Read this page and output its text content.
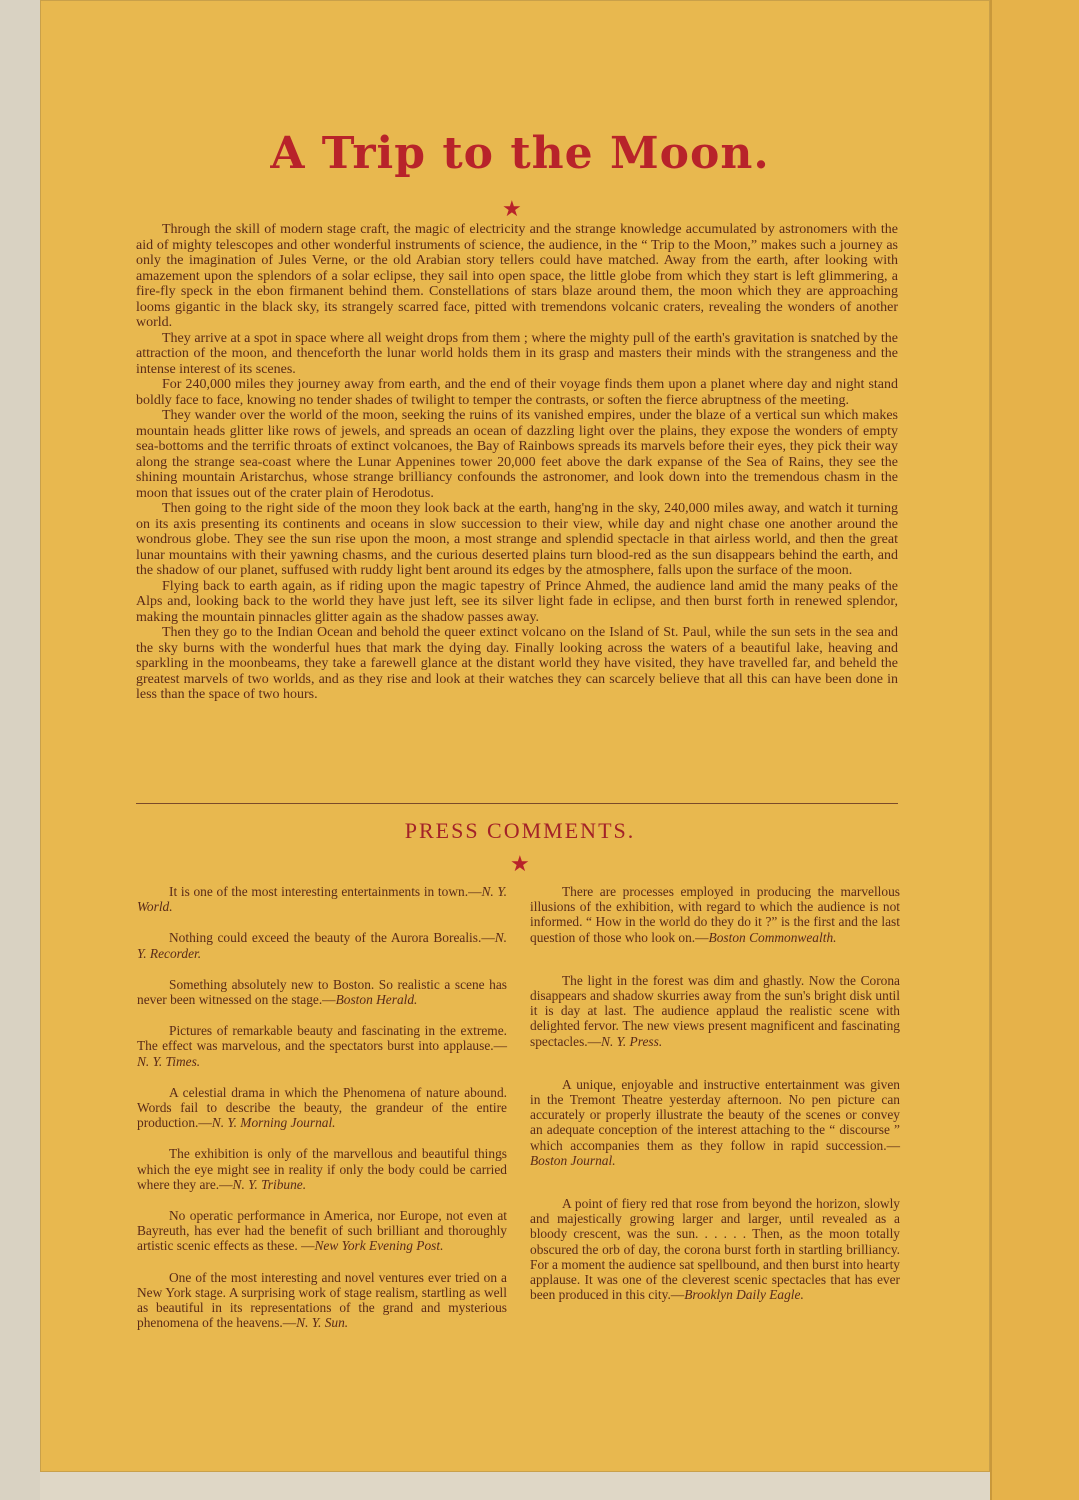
A Trip to the Moon.
★

Through the skill of modern stage craft, the magic of electricity and the strange knowledge accumulated by astronomers with the aid of mighty telescopes and other wonderful instruments of science, the audience, in the “ Trip to the Moon,” makes such a journey as only the imagination of Jules Verne, or the old Arabian story tellers could have matched. Away from the earth, after looking with amazement upon the splendors of a solar eclipse, they sail into open space, the little globe from which they start is left glimmering, a fire-fly speck in the ebon firmanent behind them. Constellations of stars blaze around them, the moon which they are approaching looms gigantic in the black sky, its strangely scarred face, pitted with tremendons volcanic craters, revealing the wonders of another world.

They arrive at a spot in space where all weight drops from them ; where the mighty pull of the earth's gravitation is snatched by the attraction of the moon, and thenceforth the lunar world holds them in its grasp and masters their minds with the strangeness and the intense interest of its scenes.

For 240,000 miles they journey away from earth, and the end of their voyage finds them upon a planet where day and night stand boldly face to face, knowing no tender shades of twilight to temper the contrasts, or soften the fierce abruptness of the meeting.

They wander over the world of the moon, seeking the ruins of its vanished empires, under the blaze of a vertical sun which makes mountain heads glitter like rows of jewels, and spreads an ocean of dazzling light over the plains, they expose the wonders of empty sea-bottoms and the terrific throats of extinct volcanoes, the Bay of Rainbows spreads its marvels before their eyes, they pick their way along the strange sea-coast where the Lunar Appenines tower 20,000 feet above the dark expanse of the Sea of Rains, they see the shining mountain Aristarchus, whose strange brilliancy confounds the astronomer, and look down into the tremendous chasm in the moon that issues out of the crater plain of Herodotus.

Then going to the right side of the moon they look back at the earth, hang'ng in the sky, 240,000 miles away, and watch it turning on its axis presenting its continents and oceans in slow succession to their view, while day and night chase one another around the wondrous globe. They see the sun rise upon the moon, a most strange and splendid spectacle in that airless world, and then the great lunar mountains with their yawning chasms, and the curious deserted plains turn blood-red as the sun disappears behind the earth, and the shadow of our planet, suffused with ruddy light bent around its edges by the atmosphere, falls upon the surface of the moon.

Flying back to earth again, as if riding upon the magic tapestry of Prince Ahmed, the audience land amid the many peaks of the Alps and, looking back to the world they have just left, see its silver light fade in eclipse, and then burst forth in renewed splendor, making the mountain pinnacles glitter again as the shadow passes away.

Then they go to the Indian Ocean and behold the queer extinct volcano on the Island of St. Paul, while the sun sets in the sea and the sky burns with the wonderful hues that mark the dying day. Finally looking across the waters of a beautiful lake, heaving and sparkling in the moonbeams, they take a farewell glance at the distant world they have visited, they have travelled far, and beheld the greatest marvels of two worlds, and as they rise and look at their watches they can scarcely believe that all this can have been done in less than the space of two hours.

PRESS COMMENTS.
★

It is one of the most interesting entertainments in town.—N. Y. World.

Nothing could exceed the beauty of the Aurora Borealis.—N. Y. Recorder.

Something absolutely new to Boston. So realistic a scene has never been witnessed on the stage.—Boston Herald.

Pictures of remarkable beauty and fascinating in the extreme. The effect was marvelous, and the spectators burst into applause.—N. Y. Times.

A celestial drama in which the Phenomena of nature abound. Words fail to describe the beauty, the grandeur of the entire production.—N. Y. Morning Journal.

The exhibition is only of the marvellous and beautiful things which the eye might see in reality if only the body could be carried where they are.—N. Y. Tribune.

No operatic performance in America, nor Europe, not even at Bayreuth, has ever had the benefit of such brilliant and thoroughly artistic scenic effects as these. —New York Evening Post.

One of the most interesting and novel ventures ever tried on a New York stage. A surprising work of stage realism, startling as well as beautiful in its representations of the grand and mysterious phenomena of the heavens.—N. Y. Sun.

There are processes employed in producing the marvellous illusions of the exhibition, with regard to which the audience is not informed. “ How in the world do they do it ?” is the first and the last question of those who look on.—Boston Commonwealth.

The light in the forest was dim and ghastly. Now the Corona disappears and shadow skurries away from the sun's bright disk until it is day at last. The audience applaud the realistic scene with delighted fervor. The new views present magnificent and fascinating spectacles.—N. Y. Press.

A unique, enjoyable and instructive entertainment was given in the Tremont Theatre yesterday afternoon. No pen picture can accurately or properly illustrate the beauty of the scenes or convey an adequate conception of the interest attaching to the “ discourse ” which accompanies them as they follow in rapid succession.—Boston Journal.

A point of fiery red that rose from beyond the horizon, slowly and majestically growing larger and larger, until revealed as a bloody crescent, was the sun. . . . . . Then, as the moon totally obscured the orb of day, the corona burst forth in startling brilliancy. For a moment the audience sat spellbound, and then burst into hearty applause. It was one of the cleverest scenic spectacles that has ever been produced in this city.—Brooklyn Daily Eagle.
